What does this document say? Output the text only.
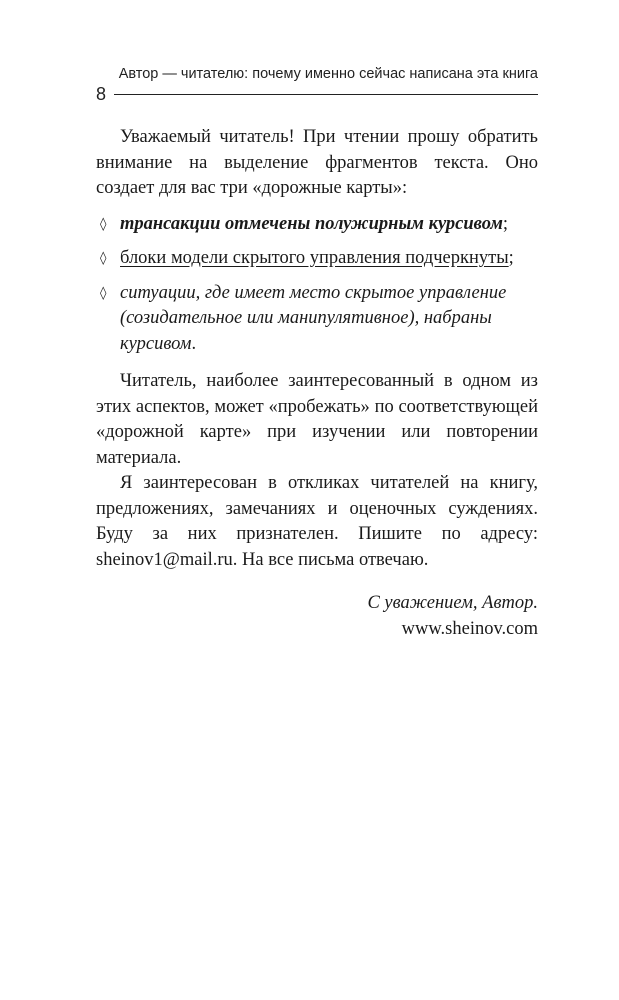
Автор — читателю: почему именно сейчас написана эта книга
8

Уважаемый читатель! При чтении прошу обратить внимание на выделение фрагментов текста. Оно создает для вас три «дорожные карты»:

◊ трансакции отмечены полужирным курсивом;
◊ блоки модели скрытого управления подчеркнуты;
◊ ситуации, где имеет место скрытое управление (созидательное или манипулятивное), набраны курсивом.

Читатель, наиболее заинтересованный в одном из этих аспектов, может «пробежать» по соответствующей «дорожной карте» при изучении или повторении материала.

Я заинтересован в откликах читателей на книгу, предложениях, замечаниях и оценочных суждениях. Буду за них признателен. Пишите по адресу: sheinov1@mail.ru. На все письма отвечаю.

С уважением, Автор.
www.sheinov.com
